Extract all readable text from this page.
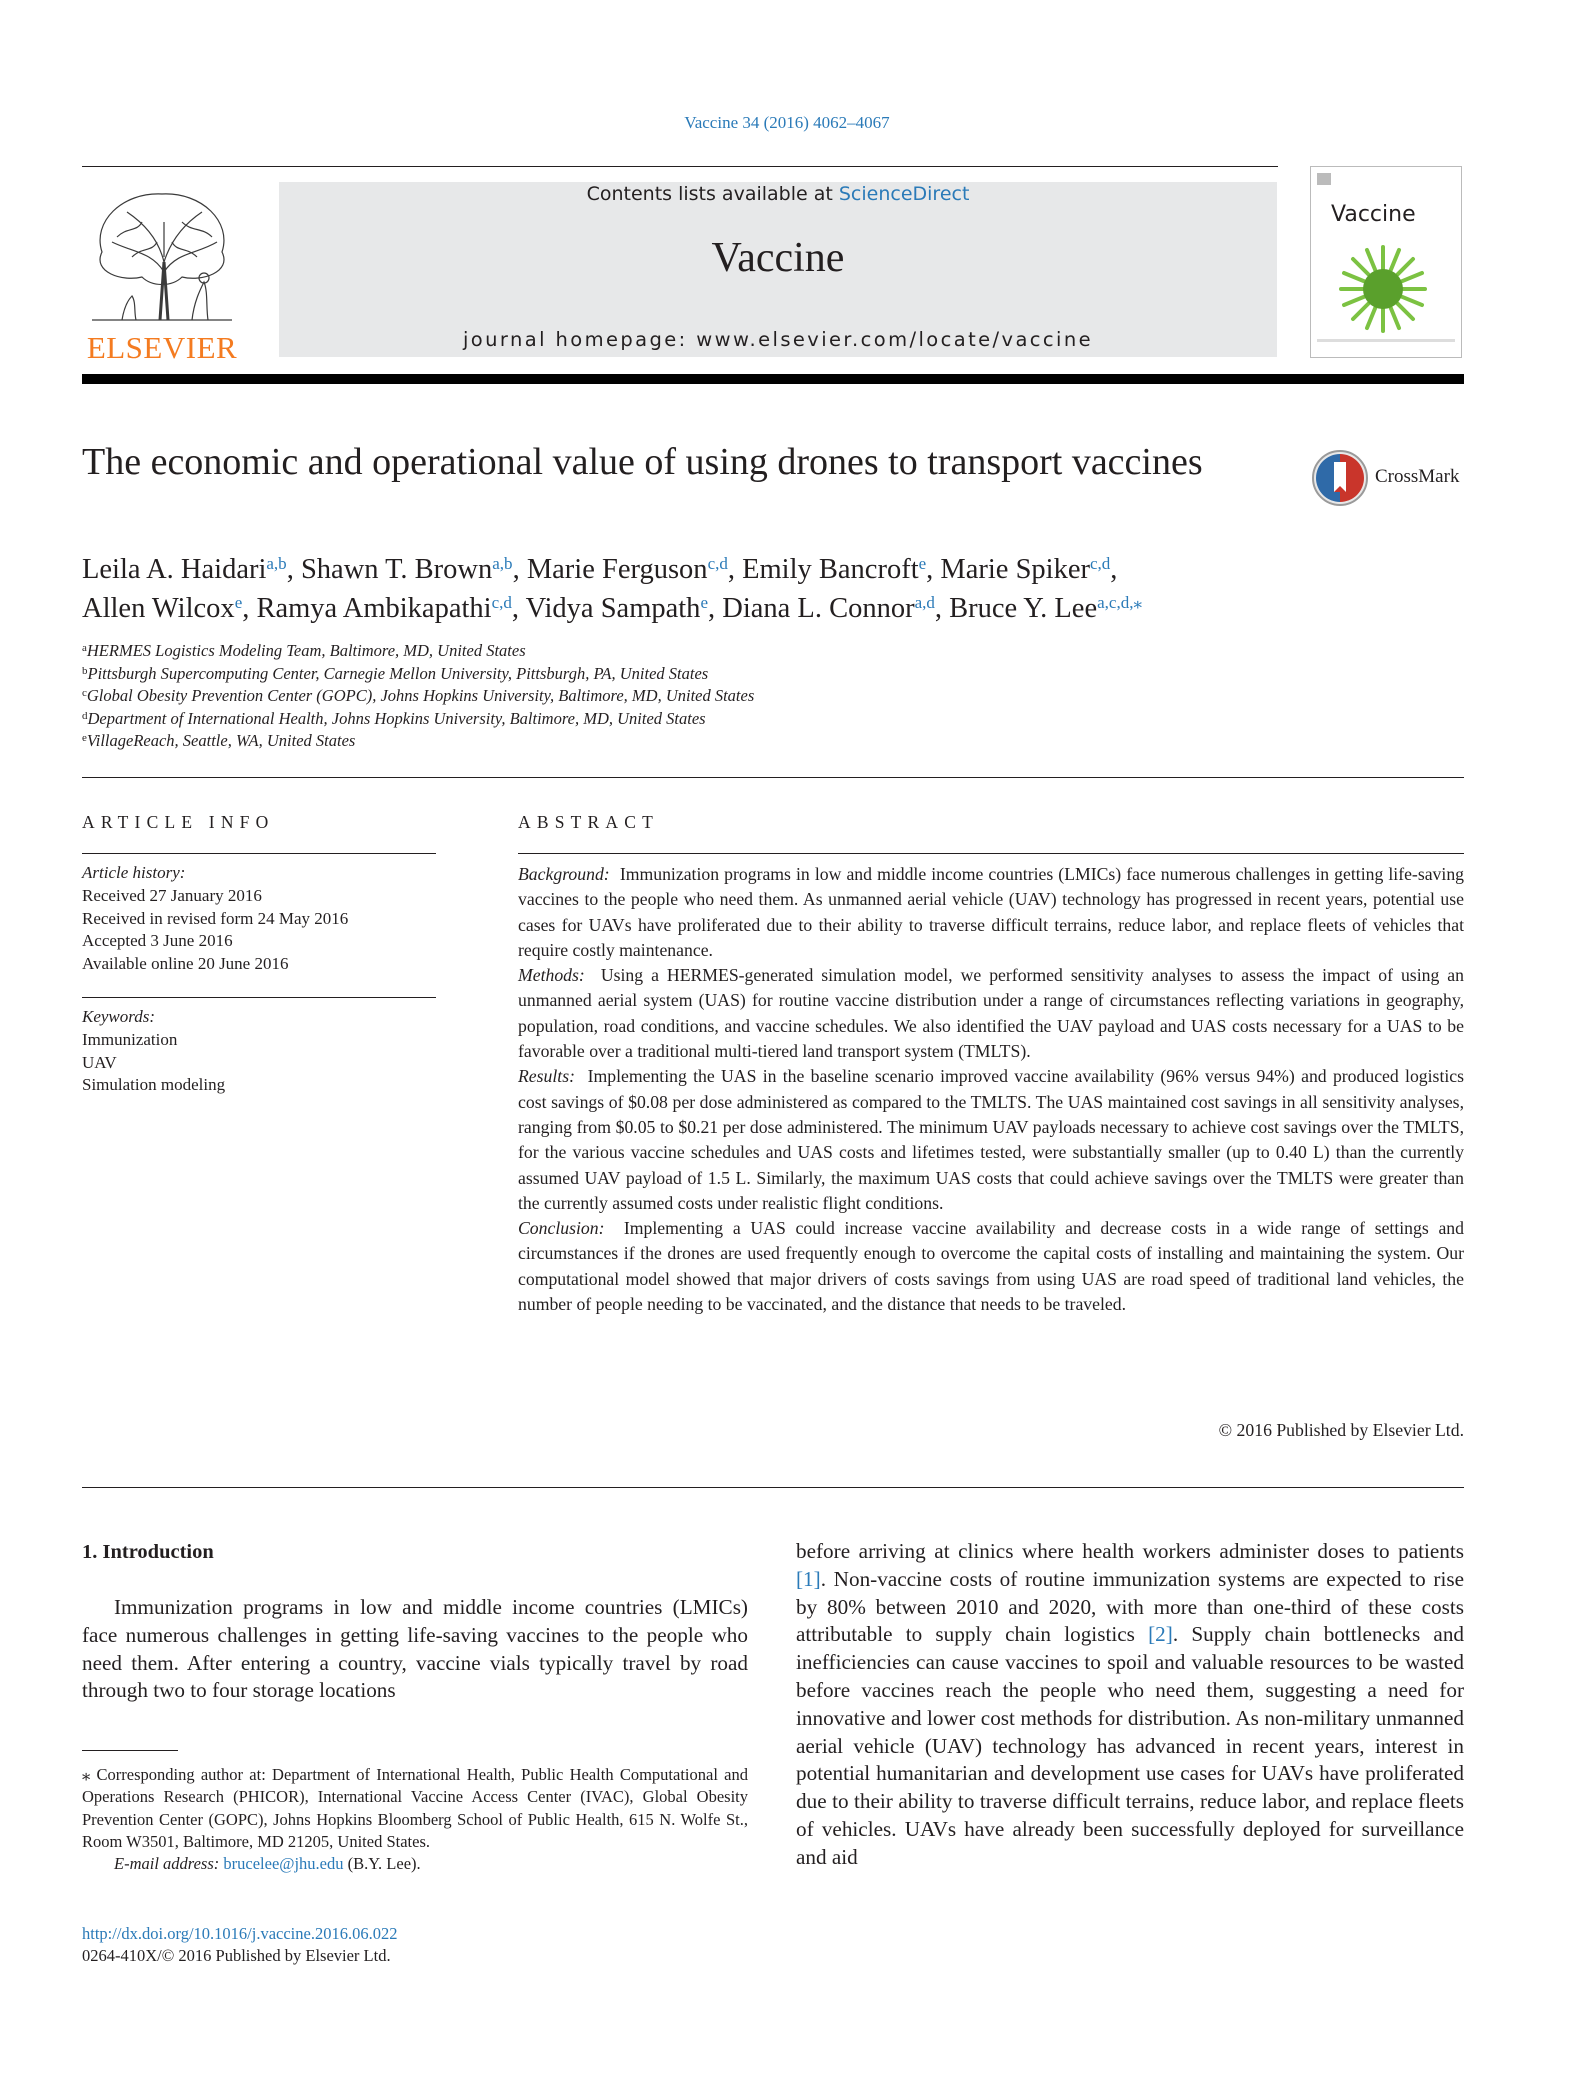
Vaccine 34 (2016) 4062–4067
ELSEVIER
Contents lists available at ScienceDirect
Vaccine
journal homepage: www.elsevier.com/locate/vaccine
Vaccine
The economic and operational value of using drones to transport vaccines	CrossMark
Leila A. Haidari$^{a,b}$, Shawn T. Brown$^{a,b}$, Marie Ferguson$^{c,d}$, Emily Bancroft$^e$, Marie Spiker$^{c,d}$,
Allen Wilcox$^e$, Ramya Ambikapathi$^{c,d}$, Vidya Sampath$^e$, Diana L. Connor$^{a,d}$, Bruce Y. Lee$^{a,c,d,⁎}$
$^a$HERMES Logistics Modeling Team, Baltimore, MD, United States
$^b$Pittsburgh Supercomputing Center, Carnegie Mellon University, Pittsburgh, PA, United States
$^c$Global Obesity Prevention Center (GOPC), Johns Hopkins University, Baltimore, MD, United States
$^d$Department of International Health, Johns Hopkins University, Baltimore, MD, United States
$^e$VillageReach, Seattle, WA, United States
ARTICLE INFO
Article history:
Received 27 January 2016
Received in revised form 24 May 2016
Accepted 3 June 2016
Available online 20 June 2016
Keywords:
Immunization
UAV
Simulation modeling
ABSTRACT

Background: Immunization programs in low and middle income countries (LMICs) face numerous challenges in getting life-saving vaccines to the people who need them. As unmanned aerial vehicle (UAV) technology has progressed in recent years, potential use cases for UAVs have proliferated due to their ability to traverse difficult terrains, reduce labor, and replace fleets of vehicles that require costly maintenance.

Methods: Using a HERMES-generated simulation model, we performed sensitivity analyses to assess the impact of using an unmanned aerial system (UAS) for routine vaccine distribution under a range of circumstances reflecting variations in geography, population, road conditions, and vaccine schedules. We also identified the UAV payload and UAS costs necessary for a UAS to be favorable over a traditional multi-tiered land transport system (TMLTS).

Results: Implementing the UAS in the baseline scenario improved vaccine availability (96% versus 94%) and produced logistics cost savings of $0.08 per dose administered as compared to the TMLTS. The UAS maintained cost savings in all sensitivity analyses, ranging from $0.05 to $0.21 per dose administered. The minimum UAV payloads necessary to achieve cost savings over the TMLTS, for the various vaccine schedules and UAS costs and lifetimes tested, were substantially smaller (up to 0.40 L) than the currently assumed UAV payload of 1.5 L. Similarly, the maximum UAS costs that could achieve savings over the TMLTS were greater than the currently assumed costs under realistic flight conditions.

Conclusion: Implementing a UAS could increase vaccine availability and decrease costs in a wide range of settings and circumstances if the drones are used frequently enough to overcome the capital costs of installing and maintaining the system. Our computational model showed that major drivers of costs savings from using UAS are road speed of traditional land vehicles, the number of people needing to be vaccinated, and the distance that needs to be traveled.

© 2016 Published by Elsevier Ltd.
1. Introduction
Immunization programs in low and middle income countries (LMICs) face numerous challenges in getting life-saving vaccines to the people who need them. After entering a country, vaccine vials typically travel by road through two to four storage locations
before arriving at clinics where health workers administer doses to patients [1]. Non-vaccine costs of routine immunization systems are expected to rise by 80% between 2010 and 2020, with more than one-third of these costs attributable to supply chain logistics [2]. Supply chain bottlenecks and inefficiencies can cause vaccines to spoil and valuable resources to be wasted before vaccines reach the people who need them, suggesting a need for innovative and lower cost methods for distribution. As non-military unmanned aerial vehicle (UAV) technology has advanced in recent years, interest in potential humanitarian and development use cases for UAVs have proliferated due to their ability to traverse difficult terrains, reduce labor, and replace fleets of vehicles. UAVs have already been successfully deployed for surveillance and aid

⁎ Corresponding author at: Department of International Health, Public Health Computational and Operations Research (PHICOR), International Vaccine Access Center (IVAC), Global Obesity Prevention Center (GOPC), Johns Hopkins Bloomberg School of Public Health, 615 N. Wolfe St., Room W3501, Baltimore, MD 21205, United States.

E-mail address: brucelee@jhu.edu (B.Y. Lee).

http://dx.doi.org/10.1016/j.vaccine.2016.06.022
0264-410X/© 2016 Published by Elsevier Ltd.
